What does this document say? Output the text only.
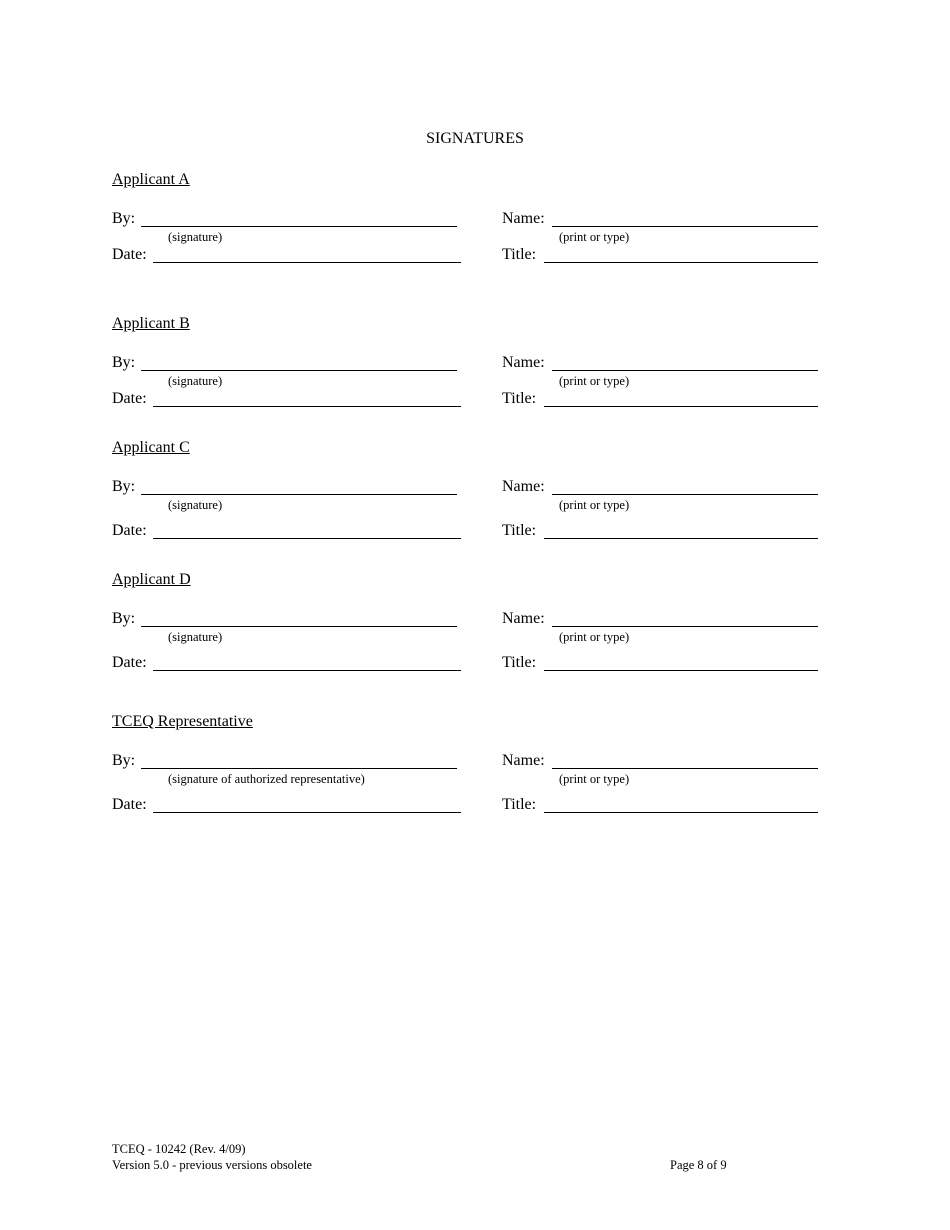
SIGNATURES
Applicant A
By:
(signature)
Date:
Name:
(print or type)
Title:
Applicant B
By:
(signature)
Date:
Name:
(print or type)
Title:
Applicant C
By:
(signature)
Date:
Name:
(print or type)
Title:
Applicant D
By:
(signature)
Date:
Name:
(print or type)
Title:
TCEQ Representative
By:
(signature of authorized representative)
Date:
Name:
(print or type)
Title:
TCEQ - 10242 (Rev. 4/09)
Version 5.0 - previous versions obsolete	Page 8 of 9
